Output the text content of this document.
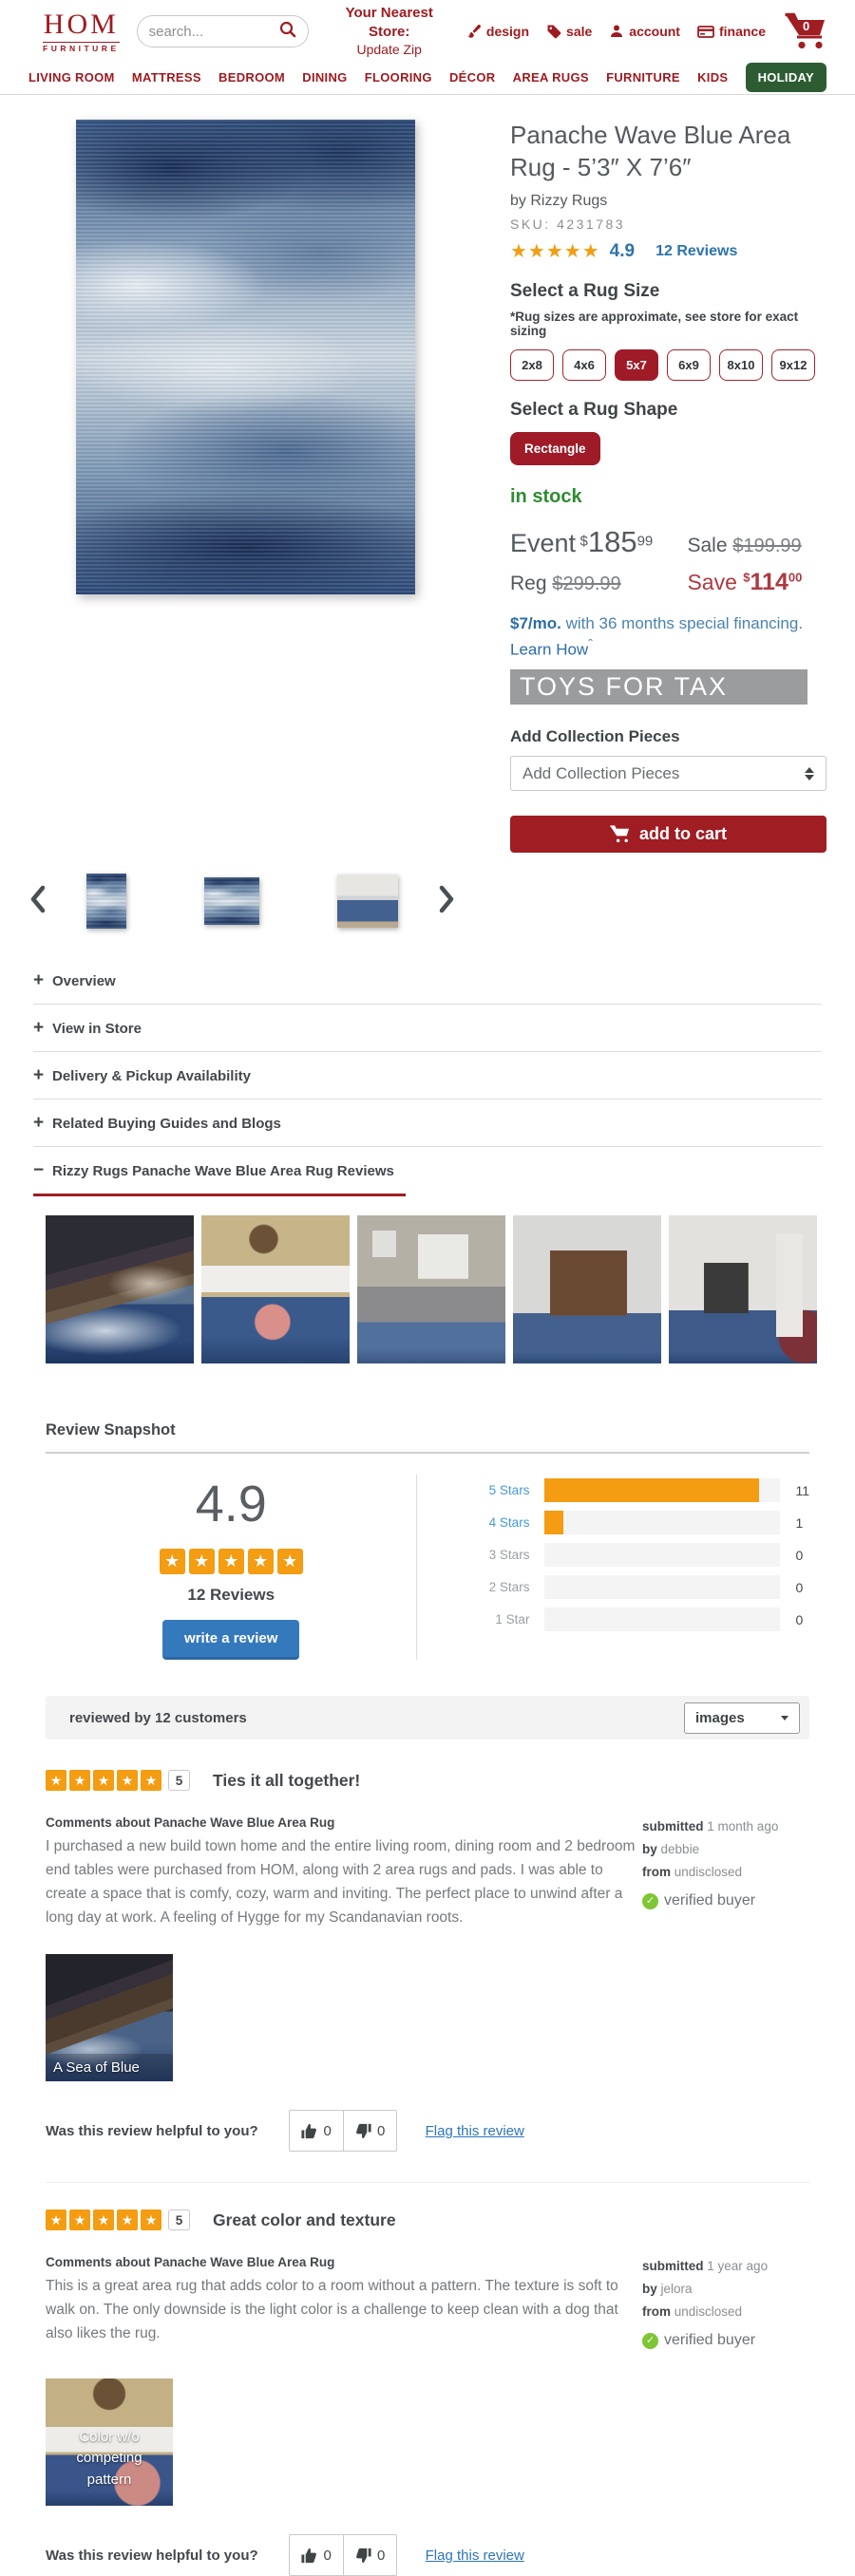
HOM
FURNITURE
search...
Your Nearest Store:
Update Zip
design	sale	account	finance	0
LIVING ROOM MATTRESS BEDROOM DINING FLOORING DÉCOR AREA RUGS FURNITURE KIDS	HOLIDAY
Panache Wave Blue Area Rug - 5’3″ X 7’6″
by Rizzy Rugs
SKU: 4231783
★★★★★ 4.9 12 Reviews
Select a Rug Size
*Rug sizes are approximate, see store for exact sizing
2x8	4x6	5x7	6x9	8x10	9x12
Select a Rug Shape
Rectangle
in stock
Event $^{\$}185^{99}$	Sale $199.99
Reg $299.99	Save $^{\$}114^{00}$
$7/mo. with 36 months special financing. Learn How$^ˆ$
TOYS FOR TAX
Add Collection Pieces
Add Collection Pieces
add to cart
+ Overview
+ View in Store
+ Delivery & Pickup Availability
+ Related Buying Guides and Blogs
− Rizzy Rugs Panache Wave Blue Area Rug Reviews
Review Snapshot
4.9
★ ★ ★ ★ ★
12 Reviews
write a review
5 Stars	11
4 Stars	1
3 Stars	0
2 Stars	0
1 Star	0
reviewed by 12 customers	images
★ ★ ★ ★ ★	5	Ties it all together!
Comments about Panache Wave Blue Area Rug
I purchased a new build town home and the entire living room, dining room and 2 bedroom end tables were purchased from HOM, along with 2 area rugs and pads. I was able to create a space that is comfy, cozy, warm and inviting. The perfect place to unwind after a long day at work. A feeling of Hygge for my Scandanavian roots.
submitted 1 month ago
by debbie
from undisclosed
✓ verified buyer
A Sea of Blue
Was this review helpful to you?	0	0	Flag this review
★ ★ ★ ★ ★	5	Great color and texture
Comments about Panache Wave Blue Area Rug
This is a great area rug that adds color to a room without a pattern. The texture is soft to walk on. The only downside is the light color is a challenge to keep clean with a dog that also likes the rug.
submitted 1 year ago
by jelora
from undisclosed
✓ verified buyer
Color w/o competing pattern
Was this review helpful to you?	0	0	Flag this review
